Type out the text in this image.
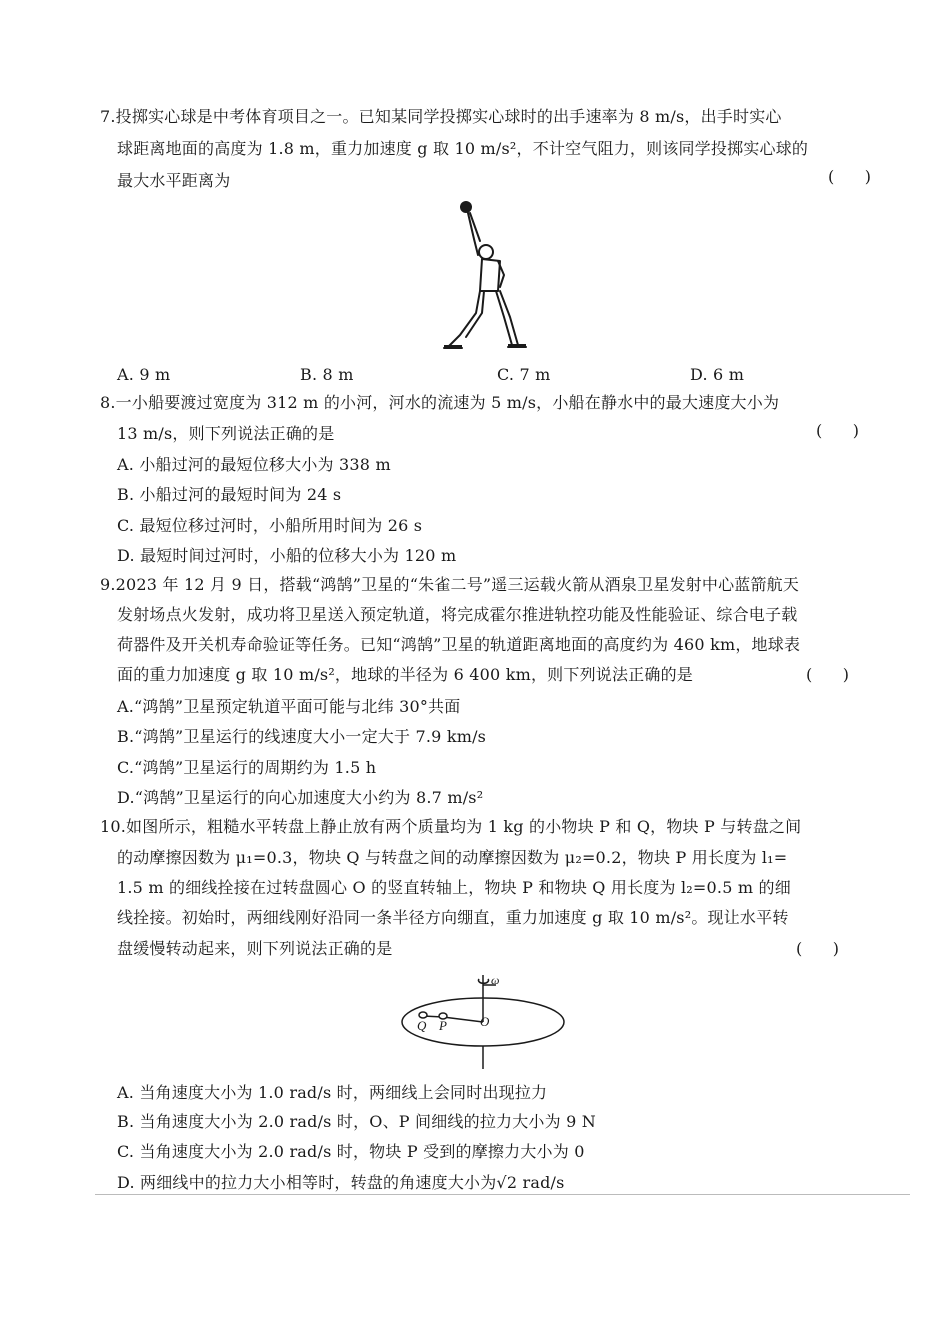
7.投掷实心球是中考体育项目之一。已知某同学投掷实心球时的出手速率为 8 m/s，出手时实心
球距离地面的高度为 1.8 m，重力加速度 g 取 10 m/s²，不计空气阻力，则该同学投掷实心球的
最大水平距离为	(      )
A. 9 m	B. 8 m	C. 7 m	D. 6 m
8.一小船要渡过宽度为 312 m 的小河，河水的流速为 5 m/s，小船在静水中的最大速度大小为
13 m/s，则下列说法正确的是	(      )
A. 小船过河的最短位移大小为 338 m
B. 小船过河的最短时间为 24 s
C. 最短位移过河时，小船所用时间为 26 s
D. 最短时间过河时，小船的位移大小为 120 m
9.2023 年 12 月 9 日，搭载“鸿鹄”卫星的“朱雀二号”遥三运载火箭从酒泉卫星发射中心蓝箭航天
发射场点火发射，成功将卫星送入预定轨道，将完成霍尔推进轨控功能及性能验证、综合电子载
荷器件及开关机寿命验证等任务。已知“鸿鹄”卫星的轨道距离地面的高度约为 460 km，地球表
面的重力加速度 g 取 10 m/s²，地球的半径为 6 400 km，则下列说法正确的是	(      )
A.“鸿鹄”卫星预定轨道平面可能与北纬 30°共面
B.“鸿鹄”卫星运行的线速度大小一定大于 7.9 km/s
C.“鸿鹄”卫星运行的周期约为 1.5 h
D.“鸿鹄”卫星运行的向心加速度大小约为 8.7 m/s²
10.如图所示，粗糙水平转盘上静止放有两个质量均为 1 kg 的小物块 P 和 Q，物块 P 与转盘之间
的动摩擦因数为 μ₁=0.3，物块 Q 与转盘之间的动摩擦因数为 μ₂=0.2，物块 P 用长度为 l₁=
1.5 m 的细线拴接在过转盘圆心 O 的竖直转轴上，物块 P 和物块 Q 用长度为 l₂=0.5 m 的细
线拴接。初始时，两细线刚好沿同一条半径方向绷直，重力加速度 g 取 10 m/s²。现让水平转
盘缓慢转动起来，则下列说法正确的是	(      )
ω
Q P	O
A. 当角速度大小为 1.0 rad/s 时，两细线上会同时出现拉力
B. 当角速度大小为 2.0 rad/s 时，O、P 间细线的拉力大小为 9 N
C. 当角速度大小为 2.0 rad/s 时，物块 P 受到的摩擦力大小为 0
D. 两细线中的拉力大小相等时，转盘的角速度大小为√2 rad/s
